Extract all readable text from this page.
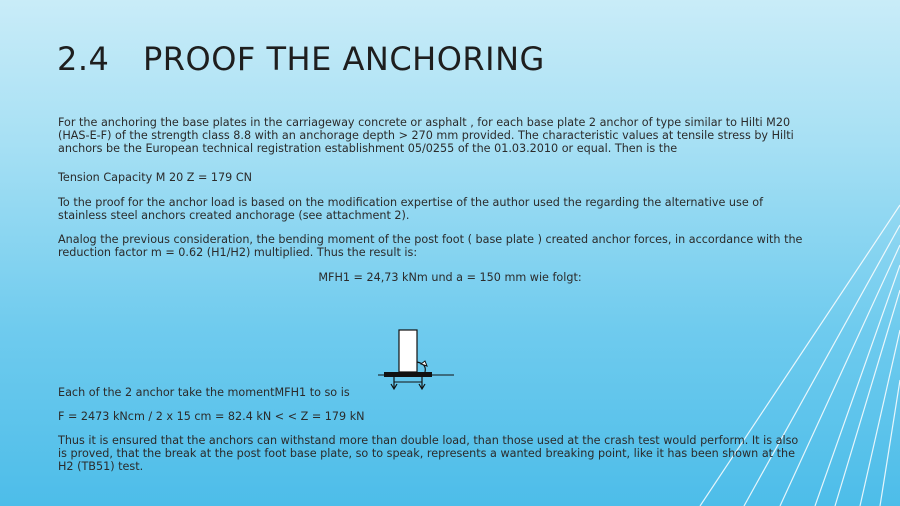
2.4 PROOF THE ANCHORING

For the anchoring the base plates in the carriageway concrete or asphalt , for each base plate 2 anchor of type similar to Hilti M20 (HAS-E-F) of the strength class 8.8 with an anchorage depth > 270 mm provided. The characteristic values at tensile stress by Hilti anchors be the European technical registration establishment 05/0255 of the 01.03.2010 or equal. Then is the

Tension Capacity M 20 Z = 179 CN

To the proof for the anchor load is based on the modification expertise of the author used the regarding the alternative use of stainless steel anchors created anchorage (see attachment 2).

Analog the previous consideration, the bending moment of the post foot ( base plate ) created anchor forces, in accordance with the reduction factor m = 0.62 (H1/H2) multiplied. Thus the result is:

MFH1 = 24,73 kNm und a = 150 mm wie folgt:

Each of the 2 anchor take the momentMFH1 to so is

F = 2473 kNcm / 2 x 15 cm = 82.4 kN < < Z = 179 kN

Thus it is ensured that the anchors can withstand more than double load, than those used at the crash test would perform. It is also is proved, that the break at the post foot base plate, so to speak, represents a wanted breaking point, like it has been shown at the H2 (TB51) test.
